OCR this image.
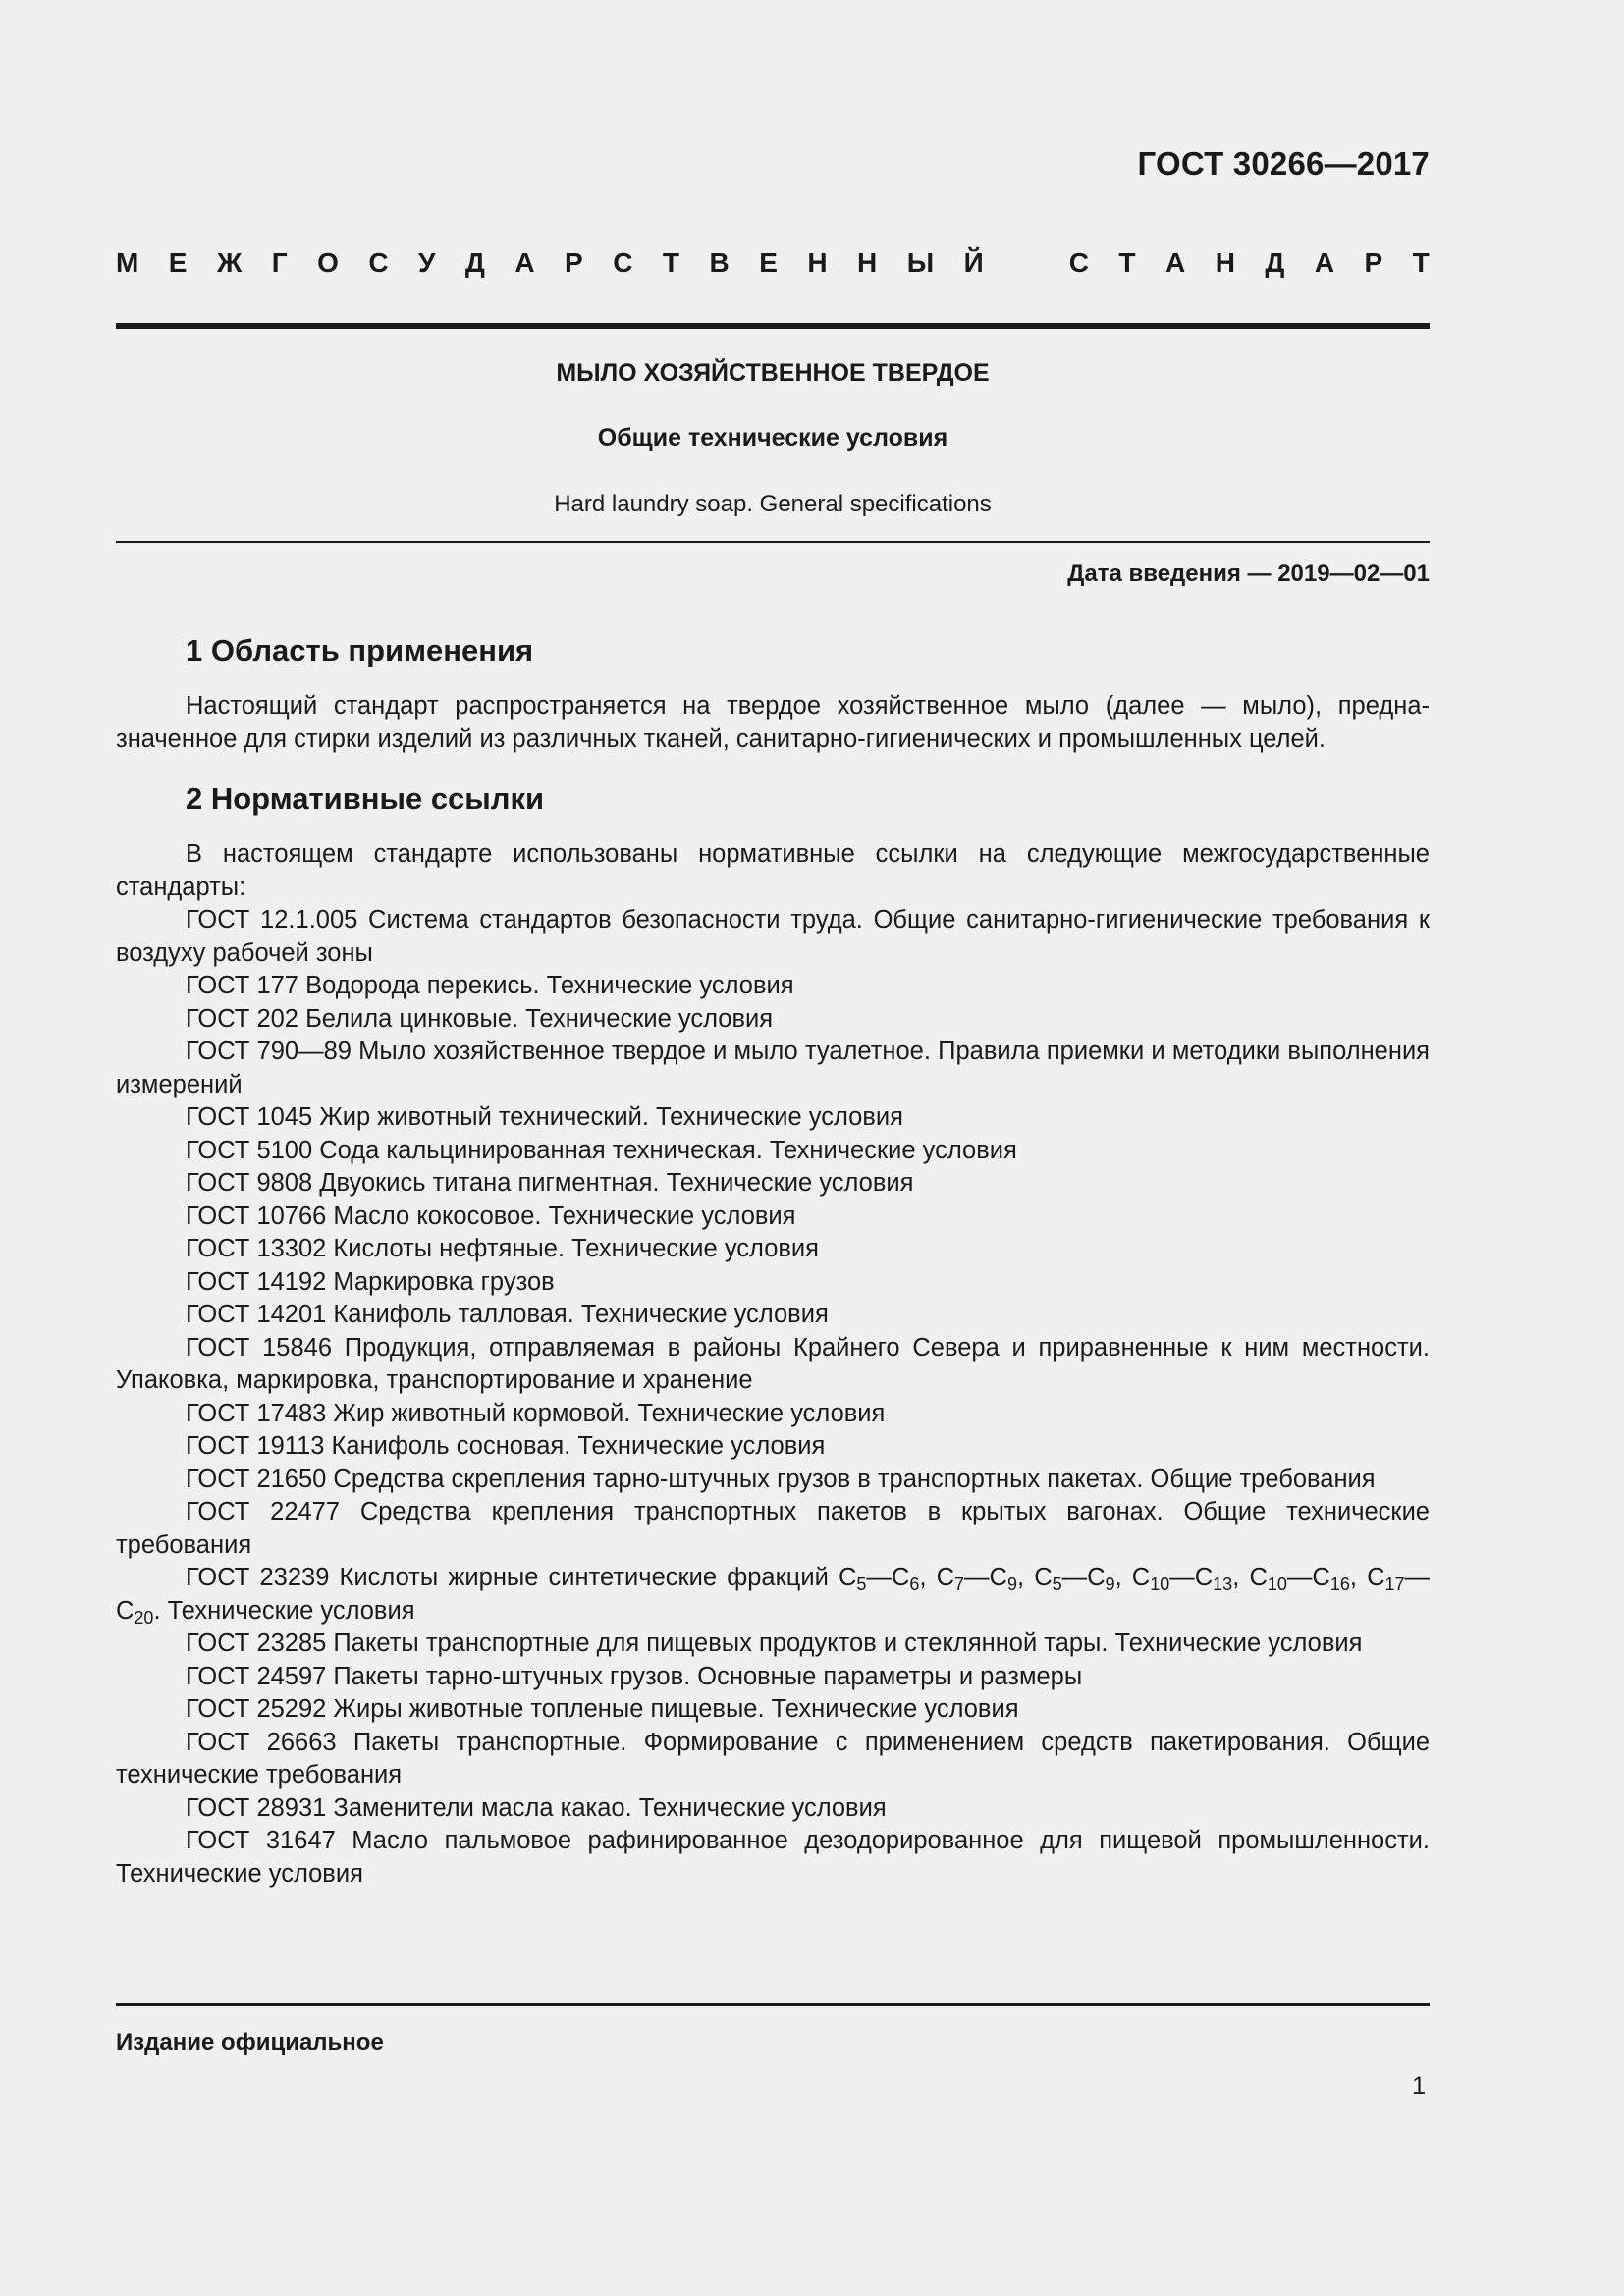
ГОСТ 30266—2017
М Е Ж Г О С У Д А Р С Т В Е Н Н Ы Й	С Т А Н Д А Р Т
МЫЛО ХОЗЯЙСТВЕННОЕ ТВЕРДОЕ
Общие технические условия
Hard laundry soap. General specifications
Дата введения — 2019—02—01
1 Область применения

Настоящий стандарт распространяется на твердое хозяйственное мыло (далее — мыло), предназначенное для стирки изделий из различных тканей, санитарно-гигиенических и промышленных целей.

2 Нормативные ссылки

В настоящем стандарте использованы нормативные ссылки на следующие межгосударственные стандарты:

ГОСТ 12.1.005 Система стандартов безопасности труда. Общие санитарно-гигиенические требования к воздуху рабочей зоны

ГОСТ 177 Водорода перекись. Технические условия

ГОСТ 202 Белила цинковые. Технические условия

ГОСТ 790—89 Мыло хозяйственное твердое и мыло туалетное. Правила приемки и методики выполнения измерений

ГОСТ 1045 Жир животный технический. Технические условия

ГОСТ 5100 Сода кальцинированная техническая. Технические условия

ГОСТ 9808 Двуокись титана пигментная. Технические условия

ГОСТ 10766 Масло кокосовое. Технические условия

ГОСТ 13302 Кислоты нефтяные. Технические условия

ГОСТ 14192 Маркировка грузов

ГОСТ 14201 Канифоль талловая. Технические условия

ГОСТ 15846 Продукция, отправляемая в районы Крайнего Севера и приравненные к ним местности. Упаковка, маркировка, транспортирование и хранение

ГОСТ 17483 Жир животный кормовой. Технические условия

ГОСТ 19113 Канифоль сосновая. Технические условия

ГОСТ 21650 Средства скрепления тарно-штучных грузов в транспортных пакетах. Общие требования

ГОСТ 22477 Средства крепления транспортных пакетов в крытых вагонах. Общие технические требования

ГОСТ 23239 Кислоты жирные синтетические фракций $C_5—C_6$, $C_7—C_9$, $C_5—C_9$, $C_{10}—C_{13}$, $C_{10}—C_{16}$, $C_{17}—C_{20}$. Технические условия

ГОСТ 23285 Пакеты транспортные для пищевых продуктов и стеклянной тары. Технические условия

ГОСТ 24597 Пакеты тарно-штучных грузов. Основные параметры и размеры

ГОСТ 25292 Жиры животные топленые пищевые. Технические условия

ГОСТ 26663 Пакеты транспортные. Формирование с применением средств пакетирования. Общие технические требования

ГОСТ 28931 Заменители масла какао. Технические условия

ГОСТ 31647 Масло пальмовое рафинированное дезодорированное для пищевой промышленности. Технические условия

Издание официальное
1
